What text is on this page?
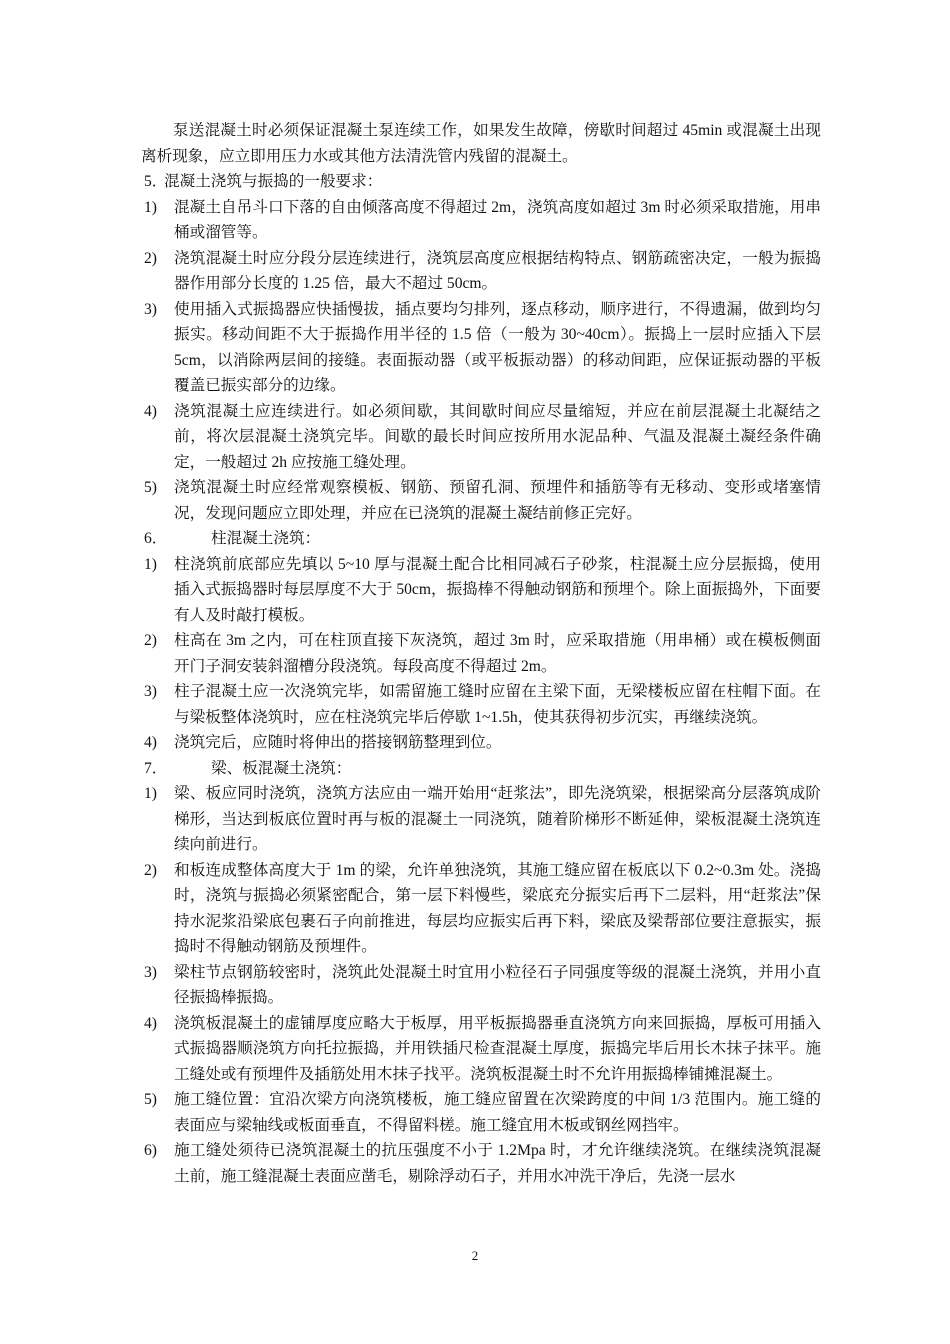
泵送混凝土时必须保证混凝土泵连续工作，如果发生故障，傍歇时间超过 45min 或混凝土出现离析现象，应立即用压力水或其他方法清洗管内残留的混凝土。

5．混凝土浇筑与振捣的一般要求：

1) 混凝土自吊斗口下落的自由倾落高度不得超过 2m，浇筑高度如超过 3m 时必须采取措施，用串桶或溜管等。

2) 浇筑混凝土时应分段分层连续进行，浇筑层高度应根据结构特点、钢筋疏密决定，一般为振捣器作用部分长度的 1.25 倍，最大不超过 50cm。

3) 使用插入式振捣器应快插慢拔，插点要均匀排列，逐点移动，顺序进行，不得遗漏，做到均匀振实。移动间距不大于振捣作用半径的 1.5 倍（一般为 30~40cm）。振捣上一层时应插入下层 5cm，以消除两层间的接缝。表面振动器（或平板振动器）的移动间距，应保证振动器的平板覆盖已振实部分的边缘。

4) 浇筑混凝土应连续进行。如必须间歇，其间歇时间应尽量缩短，并应在前层混凝土北凝结之前，将次层混凝土浇筑完毕。间歇的最长时间应按所用水泥品种、气温及混凝土凝经条件确定，一般超过 2h 应按施工缝处理。

5) 浇筑混凝土时应经常观察模板、钢筋、预留孔洞、预埋件和插筋等有无移动、变形或堵塞情况，发现问题应立即处理，并应在已浇筑的混凝土凝结前修正完好。

6．	柱混凝土浇筑：

1) 柱浇筑前底部应先填以 5~10 厚与混凝土配合比相同减石子砂浆，柱混凝土应分层振捣，使用插入式振捣器时每层厚度不大于 50cm，振捣棒不得触动钢筋和预埋个。除上面振捣外，下面要有人及时敲打模板。

2) 柱高在 3m 之内，可在柱顶直接下灰浇筑，超过 3m 时，应采取措施（用串桶）或在模板侧面开门子洞安装斜溜槽分段浇筑。每段高度不得超过 2m。

3) 柱子混凝土应一次浇筑完毕，如需留施工缝时应留在主梁下面，无梁楼板应留在柱帽下面。在与梁板整体浇筑时，应在柱浇筑完毕后停歇 1~1.5h，使其获得初步沉实，再继续浇筑。

4) 浇筑完后，应随时将伸出的搭接钢筋整理到位。

7．	梁、板混凝土浇筑：

1) 梁、板应同时浇筑，浇筑方法应由一端开始用“赶浆法”，即先浇筑梁，根据梁高分层落筑成阶梯形，当达到板底位置时再与板的混凝土一同浇筑，随着阶梯形不断延伸，梁板混凝土浇筑连续向前进行。

2) 和板连成整体高度大于 1m 的梁，允许单独浇筑，其施工缝应留在板底以下 0.2~0.3m 处。浇捣时，浇筑与振捣必须紧密配合，第一层下料慢些，梁底充分振实后再下二层料，用“赶浆法”保持水泥浆沿梁底包裹石子向前推进，每层均应振实后再下料，梁底及梁帮部位要注意振实，振捣时不得触动钢筋及预埋件。

3) 梁柱节点钢筋较密时，浇筑此处混凝土时宜用小粒径石子同强度等级的混凝土浇筑，并用小直径振捣棒振捣。

4) 浇筑板混凝土的虚铺厚度应略大于板厚，用平板振捣器垂直浇筑方向来回振捣，厚板可用插入式振捣器顺浇筑方向托拉振捣，并用铁插尺检查混凝土厚度，振捣完毕后用长木抹子抹平。施工缝处或有预埋件及插筋处用木抹子找平。浇筑板混凝土时不允许用振捣棒铺摊混凝土。

5) 施工缝位置：宜沿次梁方向浇筑楼板，施工缝应留置在次梁跨度的中间 1/3 范围内。施工缝的表面应与梁轴线或板面垂直，不得留料槎。施工缝宜用木板或钢丝网挡牢。

6) 施工缝处须待已浇筑混凝土的抗压强度不小于 1.2Mpa 时，才允许继续浇筑。在继续浇筑混凝土前，施工缝混凝土表面应凿毛，剔除浮动石子，并用水冲洗干净后，先浇一层水

2
